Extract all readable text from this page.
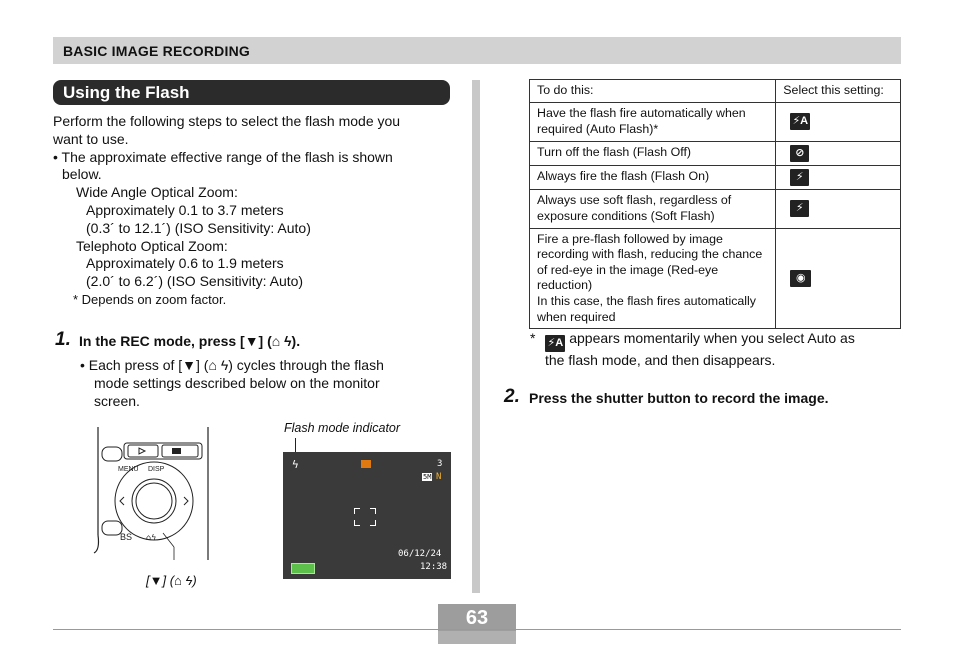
BASIC IMAGE RECORDING
Using the Flash
Perform the following steps to select the flash mode you
want to use.
• The approximate effective range of the flash is shown
below.
Wide Angle Optical Zoom:
Approximately 0.1 to 3.7 meters
(0.3´ to 12.1´) (ISO Sensitivity: Auto)
Telephoto Optical Zoom:
Approximately 0.6 to 1.9 meters
(2.0´ to 6.2´) (ISO Sensitivity: Auto)
* Depends on zoom factor.
1. In the REC mode, press [▼] (⌂ ϟ).
• Each press of [▼] (⌂ ϟ) cycles through the flash
mode settings described below on the monitor
screen.
MENU DISP
BS ⌂ϟ
[▼] (⌂ ϟ)
Flash mode indicator
ϟ	3
5M N
06/12/24
12:38
To do this:	Select this setting:
Have the flash fire automatically when required (Auto Flash)*	⚡A
Turn off the flash (Flash Off)	⊘
Always fire the flash (Flash On)	⚡
Always use soft flash, regardless of exposure conditions (Soft Flash)	⚡
Fire a pre-flash followed by image recording with flash, reducing the chance of red-eye in the image (Red-eye reduction)
In this case, the flash fires automatically when required	◉
* ⚡A appears momentarily when you select Auto as
the flash mode, and then disappears.
2. Press the shutter button to record the image.
63
